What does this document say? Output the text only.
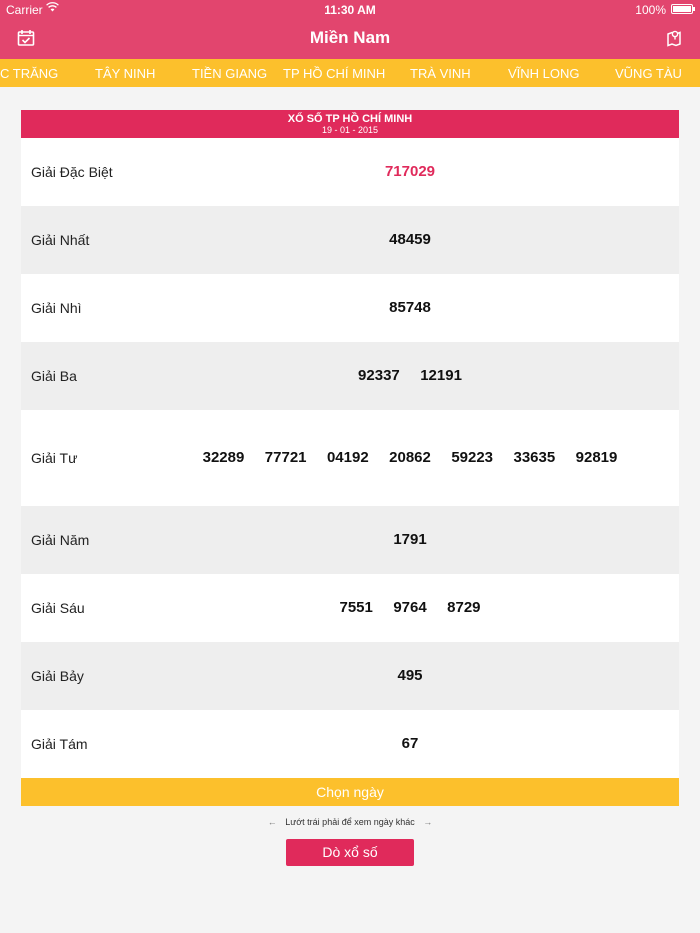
Carrier	11:30 AM	100%
Miền Nam
C TRĂNG	TÂY NINH	TIỀN GIANG TP HỒ CHÍ MINH TRÀ VINH	VĨNH LONG	VŨNG TÀU
XỔ SỐ TP HỒ CHÍ MINH
19 - 01 - 2015
Giải Đặc Biệt	717029
Giải Nhất	48459
Giải Nhì	85748
Giải Ba	92337 12191
Giải Tư	32289 77721 04192 20862 59223 33635 92819
Giải Năm	1791
Giải Sáu	7551 9764 8729
Giải Bảy	495
Giải Tám	67
Chọn ngày
← Lướt trái phải để xem ngày khác →
Dò xổ số
